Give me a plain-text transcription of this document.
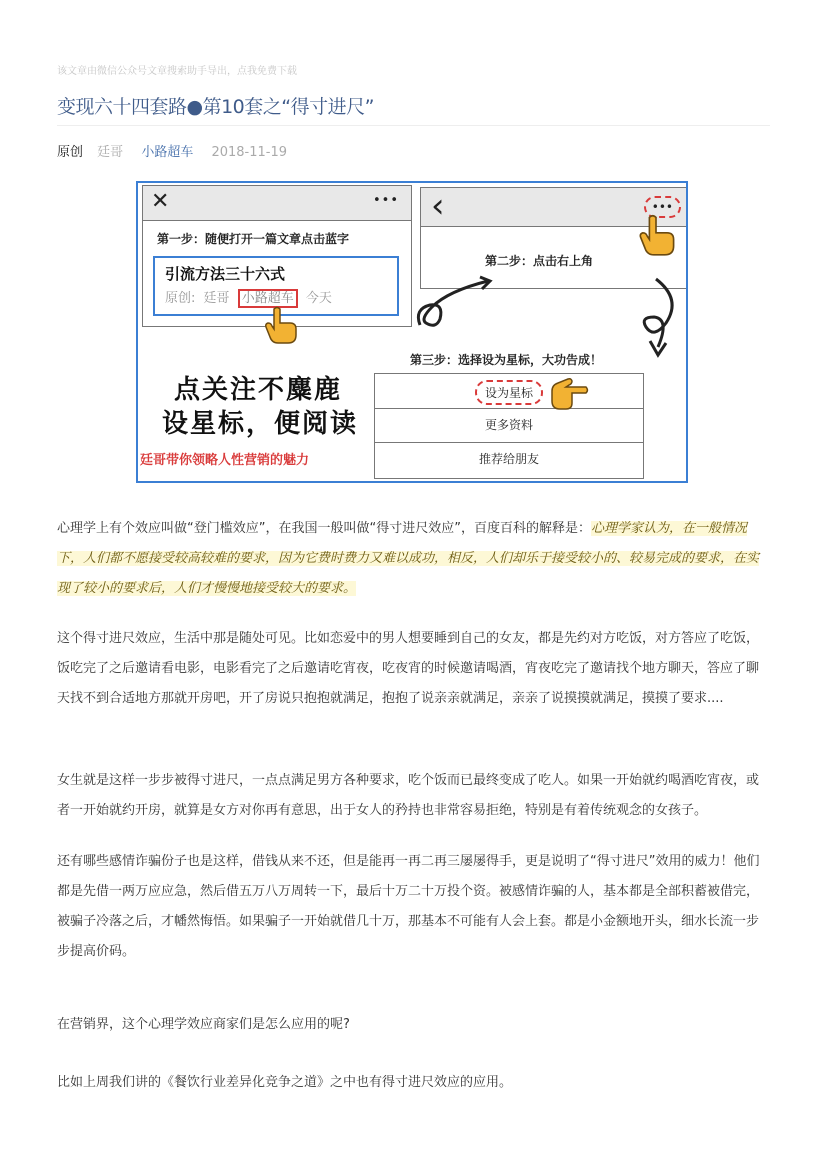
该文章由微信公众号文章搜索助手导出，点我免费下载
变现六十四套路●第10套之“得寸进尺”
原创 廷哥 小路超车 2018-11-19
✕	•••
第一步：随便打开一篇文章点击蓝字
引流方法三十六式
原创: 廷哥 小路超车 今天
‹	•••
第二步：点击右上角
第三步：选择设为星标，大功告成！
点关注不麋鹿
设星标，便阅读
廷哥带你领略人性营销的魅力
设为星标
更多资料
推荐给朋友

心理学上有个效应叫做“登门槛效应”，在我国一般叫做“得寸进尺效应”，百度百科的解释是：心理学家认为，在一般情况下，人们都不愿接受较高较难的要求，因为它费时费力又难以成功，相反，人们却乐于接受较小的、较易完成的要求，在实现了较小的要求后，人们才慢慢地接受较大的要求。

这个得寸进尺效应，生活中那是随处可见。比如恋爱中的男人想要睡到自己的女友，都是先约对方吃饭，对方答应了吃饭，饭吃完了之后邀请看电影，电影看完了之后邀请吃宵夜，吃夜宵的时候邀请喝酒，宵夜吃完了邀请找个地方聊天，答应了聊天找不到合适地方那就开房吧，开了房说只抱抱就满足，抱抱了说亲亲就满足，亲亲了说摸摸就满足，摸摸了要求....

女生就是这样一步步被得寸进尺，一点点满足男方各种要求，吃个饭而已最终变成了吃人。如果一开始就约喝酒吃宵夜，或者一开始就约开房，就算是女方对你再有意思，出于女人的矜持也非常容易拒绝，特别是有着传统观念的女孩子。

还有哪些感情诈骗份子也是这样，借钱从来不还，但是能再一再二再三屡屡得手，更是说明了“得寸进尺”效用的威力！他们都是先借一两万应应急，然后借五万八万周转一下，最后十万二十万投个资。被感情诈骗的人，基本都是全部积蓄被借完，被骗子冷落之后，才幡然悔悟。如果骗子一开始就借几十万，那基本不可能有人会上套。都是小金额地开头，细水长流一步步提高价码。

在营销界，这个心理学效应商家们是怎么应用的呢?

比如上周我们讲的《餐饮行业差异化竞争之道》之中也有得寸进尺效应的应用。
